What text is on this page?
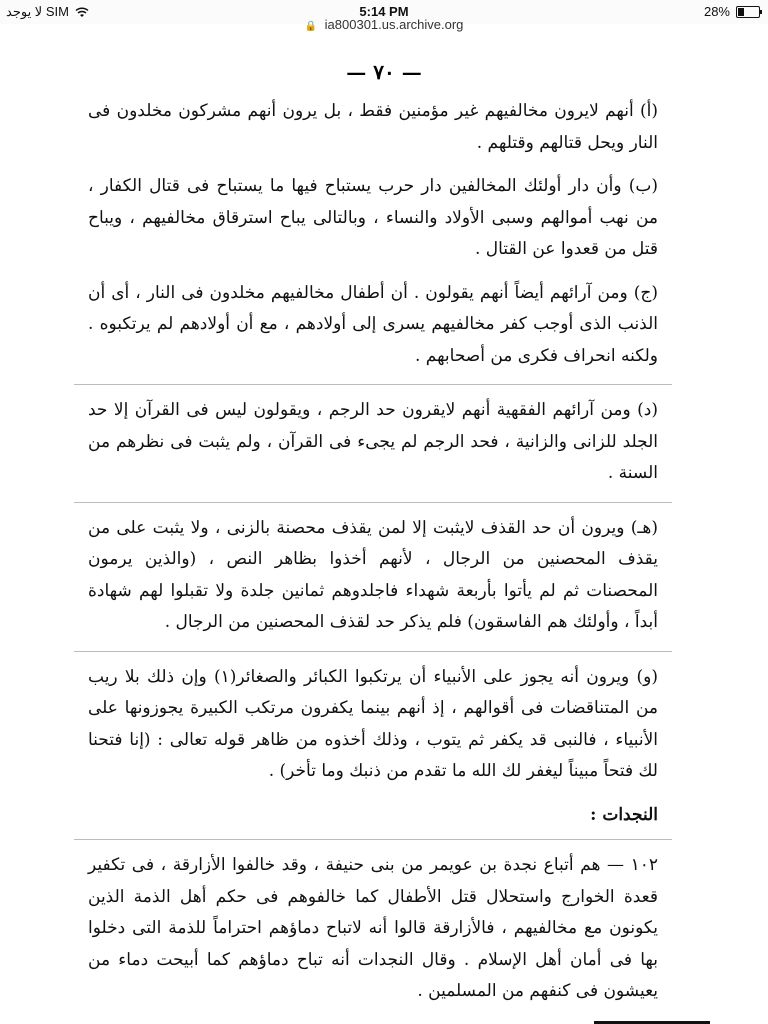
لا يوجد SIM	5:14 PM	28%
🔒 ia800301.us.archive.org
— ٧٠ —

(أ) أنهم لايرون مخالفيهم غير مؤمنين فقط ، بل يرون أنهم مشركون مخلدون فى النار ويحل قتالهم وقتلهم .

(ب) وأن دار أولئك المخالفين دار حرب يستباح فيها ما يستباح فى قتال الكفار ، من نهب أموالهم وسبى الأولاد والنساء ، وبالتالى يباح استرقاق مخالفيهم ، ويباح قتل من قعدوا عن القتال .

(ج) ومن آرائهم أيضاً أنهم يقولون . أن أطفال مخالفيهم مخلدون فى النار ، أى أن الذنب الذى أوجب كفر مخالفيهم يسرى إلى أولادهم ، مع أن أولادهم لم يرتكبوه . ولكنه انحراف فكرى من أصحابهم .

(د) ومن آرائهم الفقهية أنهم لايقرون حد الرجم ، ويقولون ليس فى القرآن إلا حد الجلد للزانى والزانية ، فحد الرجم لم يجىء فى القرآن ، ولم يثبت فى نظرهم من السنة .

(هـ) ويرون أن حد القذف لايثبت إلا لمن يقذف محصنة بالزنى ، ولا يثبت على من يقذف المحصنين من الرجال ، لأنهم أخذوا بظاهر النص ، (والذين يرمون المحصنات ثم لم يأتوا بأربعة شهداء فاجلدوهم ثمانين جلدة ولا تقبلوا لهم شهادة أبداً ، وأولئك هم الفاسقون) فلم يذكر حد لقذف المحصنين من الرجال .

(و) ويرون أنه يجوز على الأنبياء أن يرتكبوا الكبائر والصغائر(١) وإن ذلك بلا ريب من المتناقضات فى أقوالهم ، إذ أنهم بينما يكفرون مرتكب الكبيرة يجوزونها على الأنبياء ، فالنبى قد يكفر ثم يتوب ، وذلك أخذوه من ظاهر قوله تعالى : (إنا فتحنا لك فتحاً مبيناً ليغفر لك الله ما تقدم من ذنبك وما تأخر) .

النجدات :

١٠٢ — هم أتباع نجدة بن عويمر من بنى حنيفة ، وقد خالفوا الأزارقة ، فى تكفير قعدة الخوارج واستحلال قتل الأطفال كما خالفوهم فى حكم أهل الذمة الذين يكونون مع مخالفيهم ، فالأزارقة قالوا أنه لاتباح دماؤهم احتراماً للذمة التى دخلوا بها فى أمان أهل الإسلام . وقال النجدات أنه تباح دماؤهم كما أبيحت دماء من يعيشون فى كنفهم من المسلمين .
